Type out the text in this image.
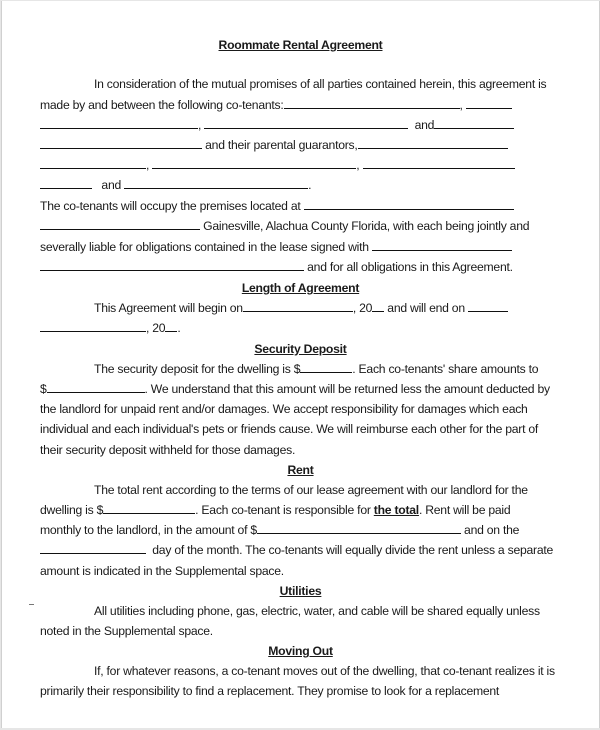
Roommate Rental Agreement
In consideration of the mutual promises of all parties contained herein, this agreement is
made by and between the following co-tenants:	,
,	and
and their parental guarantors,
,	,
and	.
The co-tenants will occupy the premises located at
Gainesville, Alachua County Florida, with each being jointly and
severally liable for obligations contained in the lease signed with
and for all obligations in this Agreement.
Length of Agreement
This Agreement will begin on	, 20 and will end on
, 20 .
Security Deposit
The security deposit for the dwelling is $	. Each co-tenants' share amounts to
$	. We understand that this amount will be returned less the amount deducted by
the landlord for unpaid rent and/or damages. We accept responsibility for damages which each
individual and each individual's pets or friends cause. We will reimburse each other for the part of
their security deposit withheld for those damages.
Rent
The total rent according to the terms of our lease agreement with our landlord for the
dwelling is $	. Each co-tenant is responsible for the total. Rent will be paid
monthly to the landlord, in the amount of $	and on the
day of the month. The co-tenants will equally divide the rent unless a separate
amount is indicated in the Supplemental space.
Utilities
All utilities including phone, gas, electric, water, and cable will be shared equally unless
noted in the Supplemental space.
Moving Out
If, for whatever reasons, a co-tenant moves out of the dwelling, that co-tenant realizes it is
primarily their responsibility to find a replacement. They promise to look for a replacement
